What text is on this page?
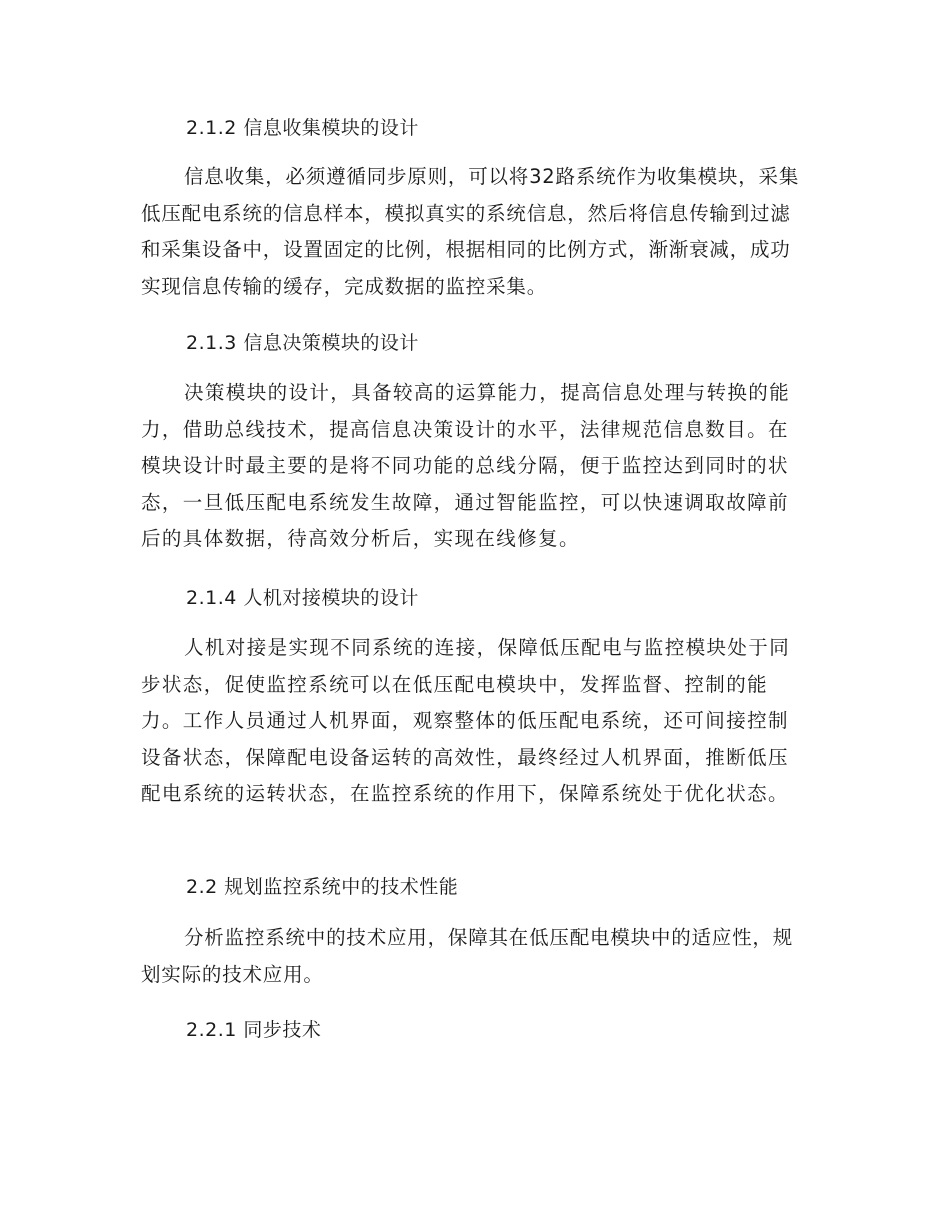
2.1.2 信息收集模块的设计

信息收集，必须遵循同步原则，可以将32路系统作为收集模块，采集低压配电系统的信息样本，模拟真实的系统信息，然后将信息传输到过滤和采集设备中，设置固定的比例，根据相同的比例方式，渐渐衰减，成功实现信息传输的缓存，完成数据的监控采集。

2.1.3 信息决策模块的设计

决策模块的设计，具备较高的运算能力，提高信息处理与转换的能力，借助总线技术，提高信息决策设计的水平，法律规范信息数目。在模块设计时最主要的是将不同功能的总线分隔，便于监控达到同时的状态，一旦低压配电系统发生故障，通过智能监控，可以快速调取故障前后的具体数据，待高效分析后，实现在线修复。

2.1.4 人机对接模块的设计

人机对接是实现不同系统的连接，保障低压配电与监控模块处于同步状态，促使监控系统可以在低压配电模块中，发挥监督、控制的能力。工作人员通过人机界面，观察整体的低压配电系统，还可间接控制设备状态，保障配电设备运转的高效性，最终经过人机界面，推断低压配电系统的运转状态，在监控系统的作用下，保障系统处于优化状态。

2.2 规划监控系统中的技术性能

分析监控系统中的技术应用，保障其在低压配电模块中的适应性，规划实际的技术应用。

2.2.1 同步技术
